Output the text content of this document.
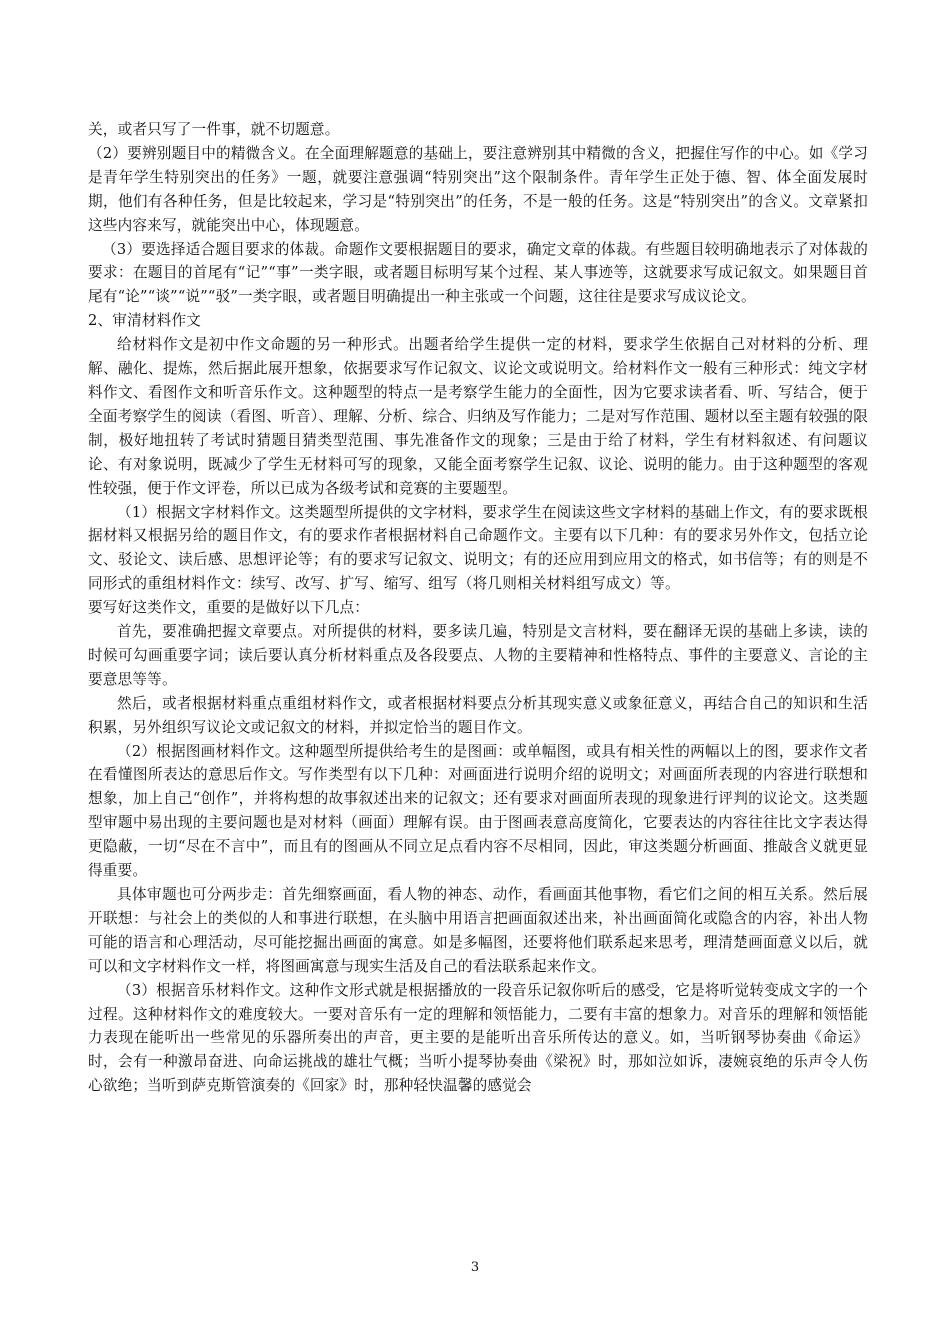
关，或者只写了一件事，就不切题意。

（2）要辨别题目中的精微含义。在全面理解题意的基础上，要注意辨别其中精微的含义，把握住写作的中心。如《学习是青年学生特别突出的任务》一题，就要注意强调“特别突出”这个限制条件。青年学生正处于德、智、体全面发展时期，他们有各种任务，但是比较起来，学习是“特别突出”的任务，不是一般的任务。这是“特别突出”的含义。文章紧扣这些内容来写，就能突出中心，体现题意。

（3）要选择适合题目要求的体裁。命题作文要根据题目的要求，确定文章的体裁。有些题目较明确地表示了对体裁的要求：在题目的首尾有“记”“事”一类字眼，或者题目标明写某个过程、某人事迹等，这就要求写成记叙文。如果题目首尾有“论”“谈”“说”“驳”一类字眼，或者题目明确提出一种主张或一个问题，这往往是要求写成议论文。

2、审清材料作文

给材料作文是初中作文命题的另一种形式。出题者给学生提供一定的材料，要求学生依据自己对材料的分析、理解、融化、提炼，然后据此展开想象，依据要求写作记叙文、议论文或说明文。给材料作文一般有三种形式：纯文字材料作文、看图作文和听音乐作文。这种题型的特点一是考察学生能力的全面性，因为它要求读者看、听、写结合，便于全面考察学生的阅读（看图、听音）、理解、分析、综合、归纳及写作能力；二是对写作范围、题材以至主题有较强的限制，极好地扭转了考试时猜题目猜类型范围、事先准备作文的现象；三是由于给了材料，学生有材料叙述、有问题议论、有对象说明，既减少了学生无材料可写的现象，又能全面考察学生记叙、议论、说明的能力。由于这种题型的客观性较强，便于作文评卷，所以已成为各级考试和竞赛的主要题型。

（1）根据文字材料作文。这类题型所提供的文字材料，要求学生在阅读这些文字材料的基础上作文，有的要求既根据材料又根据另给的题目作文，有的要求作者根据材料自己命题作文。主要有以下几种：有的要求另外作文，包括立论文、驳论文、读后感、思想评论等；有的要求写记叙文、说明文；有的还应用到应用文的格式，如书信等；有的则是不同形式的重组材料作文：续写、改写、扩写、缩写、组写（将几则相关材料组写成文）等。

要写好这类作文，重要的是做好以下几点：

首先，要准确把握文章要点。对所提供的材料，要多读几遍，特别是文言材料，要在翻译无误的基础上多读，读的时候可勾画重要字词；读后要认真分析材料重点及各段要点、人物的主要精神和性格特点、事件的主要意义、言论的主要意思等等。

然后，或者根据材料重点重组材料作文，或者根据材料要点分析其现实意义或象征意义，再结合自己的知识和生活积累，另外组织写议论文或记叙文的材料，并拟定恰当的题目作文。

（2）根据图画材料作文。这种题型所提供给考生的是图画：或单幅图，或具有相关性的两幅以上的图，要求作文者在看懂图所表达的意思后作文。写作类型有以下几种：对画面进行说明介绍的说明文；对画面所表现的内容进行联想和想象，加上自己“创作”，并将构想的故事叙述出来的记叙文；还有要求对画面所表现的现象进行评判的议论文。这类题型审题中易出现的主要问题也是对材料（画面）理解有误。由于图画表意高度简化，它要表达的内容往往比文字表达得更隐蔽，一切“尽在不言中”，而且有的图画从不同立足点看内容不尽相同，因此，审这类题分析画面、推敲含义就更显得重要。

具体审题也可分两步走：首先细察画面，看人物的神态、动作，看画面其他事物，看它们之间的相互关系。然后展开联想：与社会上的类似的人和事进行联想，在头脑中用语言把画面叙述出来，补出画面简化或隐含的内容，补出人物可能的语言和心理活动，尽可能挖掘出画面的寓意。如是多幅图，还要将他们联系起来思考，理清楚画面意义以后，就可以和文字材料作文一样，将图画寓意与现实生活及自己的看法联系起来作文。

（3）根据音乐材料作文。这种作文形式就是根据播放的一段音乐记叙你听后的感受，它是将听觉转变成文字的一个过程。这种材料作文的难度较大。一要对音乐有一定的理解和领悟能力，二要有丰富的想象力。对音乐的理解和领悟能力表现在能听出一些常见的乐器所奏出的声音，更主要的是能听出音乐所传达的意义。如，当听钢琴协奏曲《命运》时，会有一种激昂奋进、向命运挑战的雄壮气概；当听小提琴协奏曲《梁祝》时，那如泣如诉，凄婉哀绝的乐声令人伤心欲绝；当听到萨克斯管演奏的《回家》时，那种轻快温馨的感觉会

3
